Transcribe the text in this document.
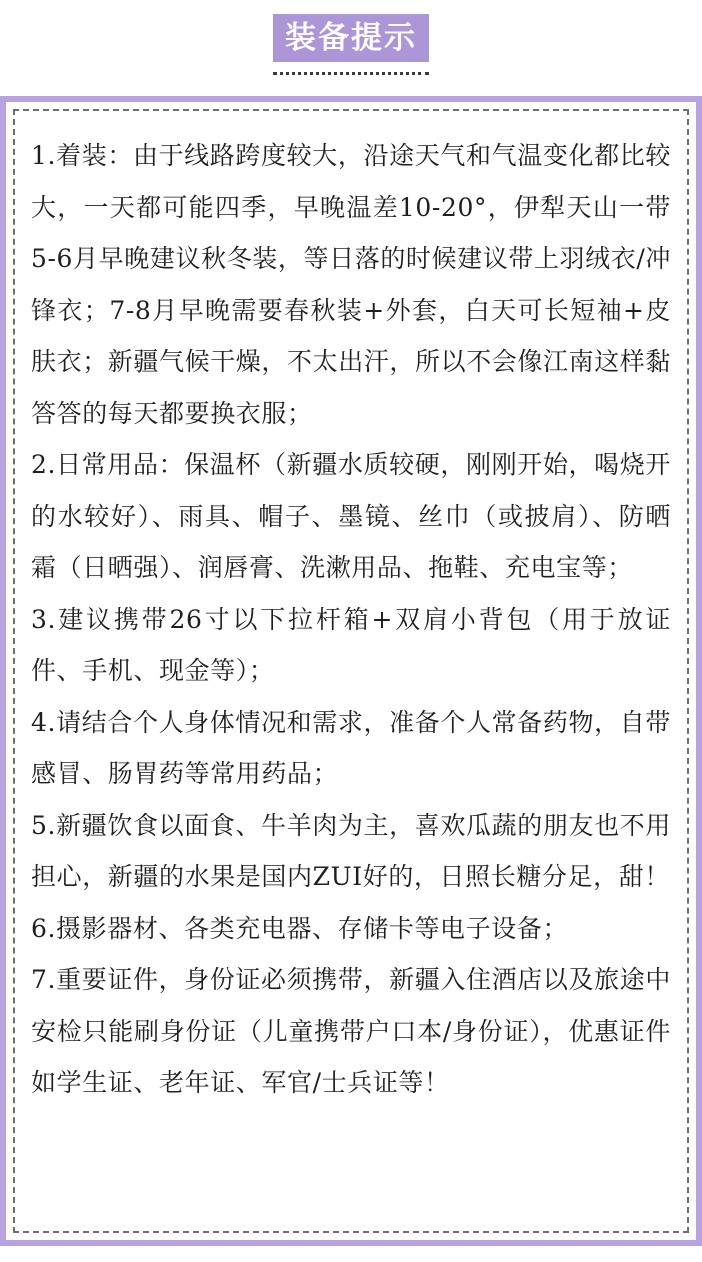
装备提示

1.着装：由于线路跨度较大，沿途天气和气温变化都比较大，一天都可能四季，早晚温差10-20°，伊犁天山一带5-6月早晚建议秋冬装，等日落的时候建议带上羽绒衣/冲锋衣；7-8月早晚需要春秋装+外套，白天可长短袖+皮肤衣；新疆气候干燥，不太出汗，所以不会像江南这样黏答答的每天都要换衣服；

2.日常用品：保温杯（新疆水质较硬，刚刚开始，喝烧开的水较好）、雨具、帽子、墨镜、丝巾（或披肩）、防晒霜（日晒强）、润唇膏、洗漱用品、拖鞋、充电宝等；

3.建议携带26寸以下拉杆箱+双肩小背包（用于放证件、手机、现金等）；

4.请结合个人身体情况和需求，准备个人常备药物，自带感冒、肠胃药等常用药品；

5.新疆饮食以面食、牛羊肉为主，喜欢瓜蔬的朋友也不用担心，新疆的水果是国内ZUI好的，日照长糖分足，甜！

6.摄影器材、各类充电器、存储卡等电子设备；

7.重要证件，身份证必须携带，新疆入住酒店以及旅途中安检只能刷身份证（儿童携带户口本/身份证），优惠证件如学生证、老年证、军官/士兵证等！
